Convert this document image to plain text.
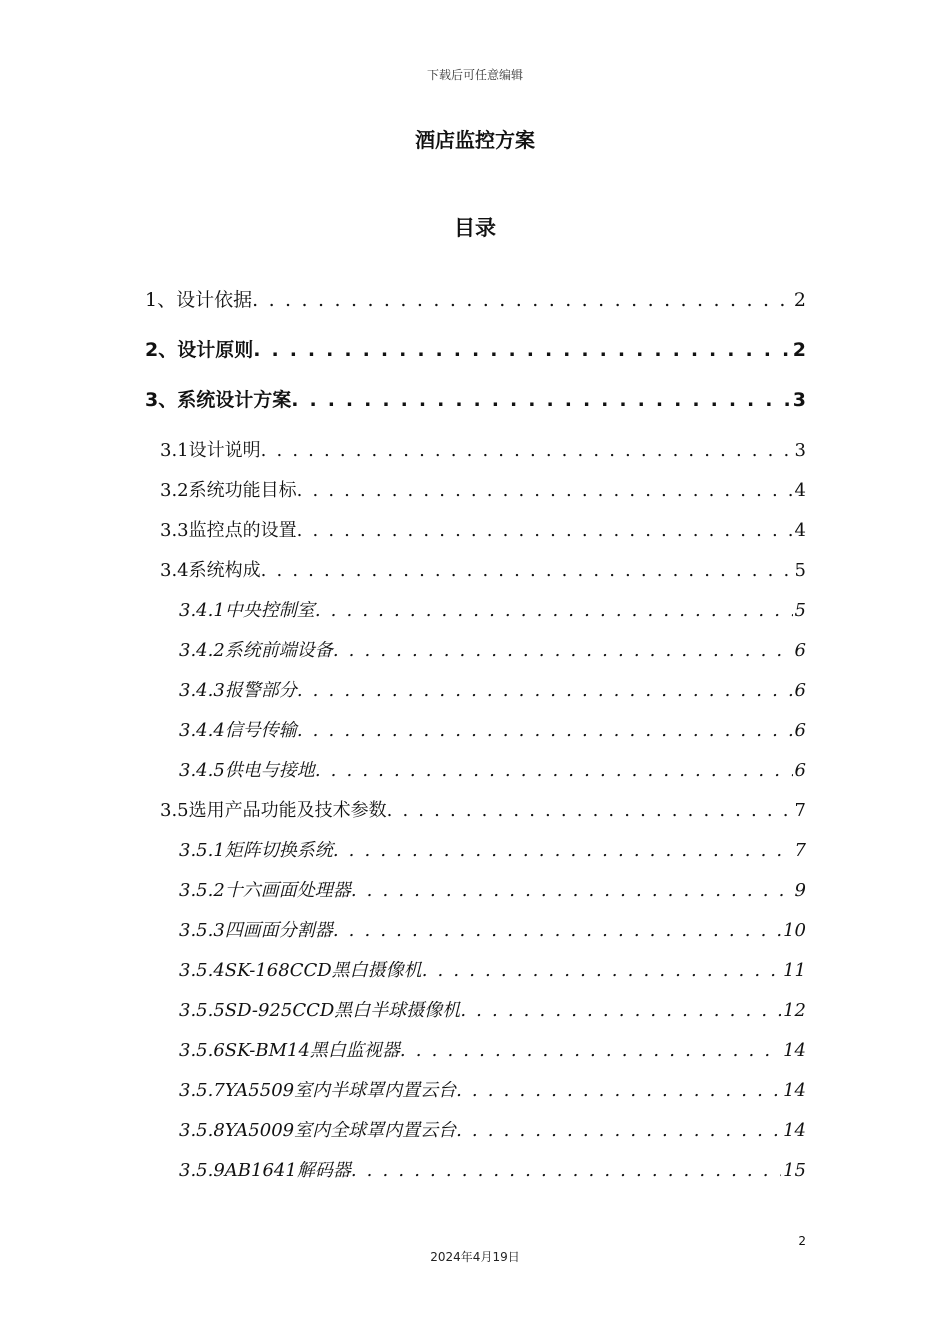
下载后可任意编辑
酒店监控方案
目录
1、设计依据 . . .	2
2、设计原则 . . .	2
3、系统设计方案 . . .	3
3.1设计说明 . . .	3
3.2系统功能目标 . . .	4
3.3监控点的设置 . . .	4
3.4系统构成 . . .	5
3.4.1中央控制室 . . .	5
3.4.2系统前端设备 . . .	6
3.4.3报警部分 . . .	6
3.4.4信号传输 . . .	6
3.4.5供电与接地 . . .	6
3.5选用产品功能及技术参数 . . .	7
3.5.1矩阵切换系统 . . .	7
3.5.2十六画面处理器 . . .	9
3.5.3四画面分割器 . . .	10
3.5.4SK-168CCD黑白摄像机 . . .	11
3.5.5SD-925CCD黑白半球摄像机 . . .	12
3.5.6SK-BM14黑白监视器 . . .	14
3.5.7YA5509室内半球罩内置云台 . . .	14
3.5.8YA5009室内全球罩内置云台 . . .	14
3.5.9AB1641解码器 . . .	15
2
2024年4月19日
